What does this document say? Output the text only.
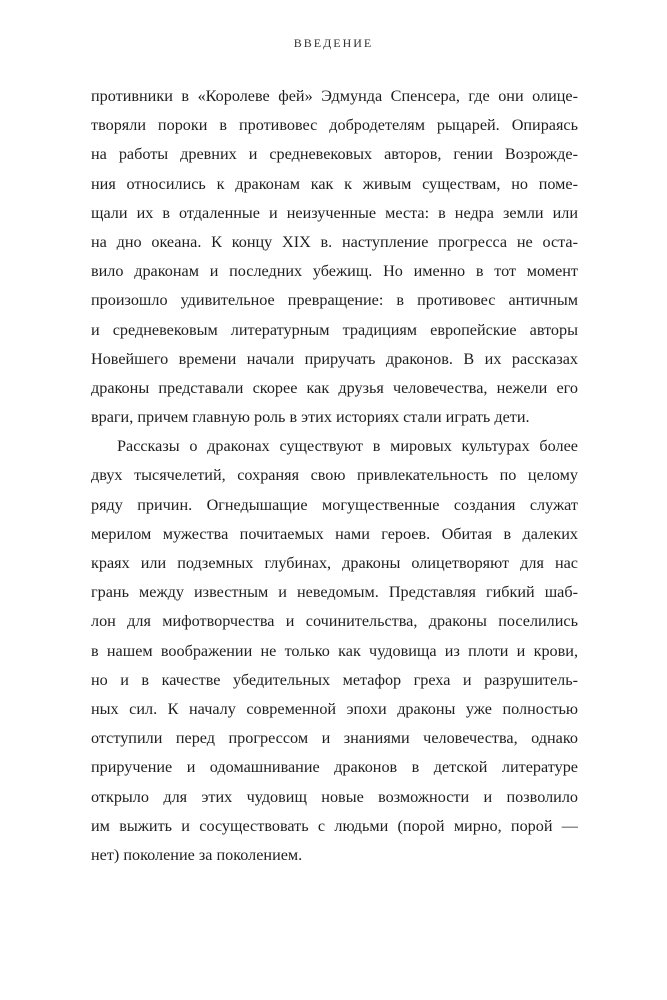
ВВЕДЕНИЕ
противники в «Королеве фей» Эдмунда Спенсера, где они олице-
творяли пороки в противовес добродетелям рыцарей. Опираясь
на работы древних и средневековых авторов, гении Возрожде-
ния относились к драконам как к живым существам, но поме-
щали их в отдаленные и неизученные места: в недра земли или
на дно океана. К концу XIX в. наступление прогресса не оста-
вило драконам и последних убежищ. Но именно в тот момент
произошло удивительное превращение: в противовес античным
и средневековым литературным традициям европейские авторы
Новейшего времени начали приручать драконов. В их рассказах
драконы представали скорее как друзья человечества, нежели его
враги, причем главную роль в этих историях стали играть дети.
Рассказы о драконах существуют в мировых культурах более
двух тысячелетий, сохраняя свою привлекательность по целому
ряду причин. Огнедышащие могущественные создания служат
мерилом мужества почитаемых нами героев. Обитая в далеких
краях или подземных глубинах, драконы олицетворяют для нас
грань между известным и неведомым. Представляя гибкий шаб-
лон для мифотворчества и сочинительства, драконы поселились
в нашем воображении не только как чудовища из плоти и крови,
но и в качестве убедительных метафор греха и разрушитель-
ных сил. К началу современной эпохи драконы уже полностью
отступили перед прогрессом и знаниями человечества, однако
приручение и одомашнивание драконов в детской литературе
открыло для этих чудовищ новые возможности и позволило
им выжить и сосуществовать с людьми (порой мирно, порой —
нет) поколение за поколением.
